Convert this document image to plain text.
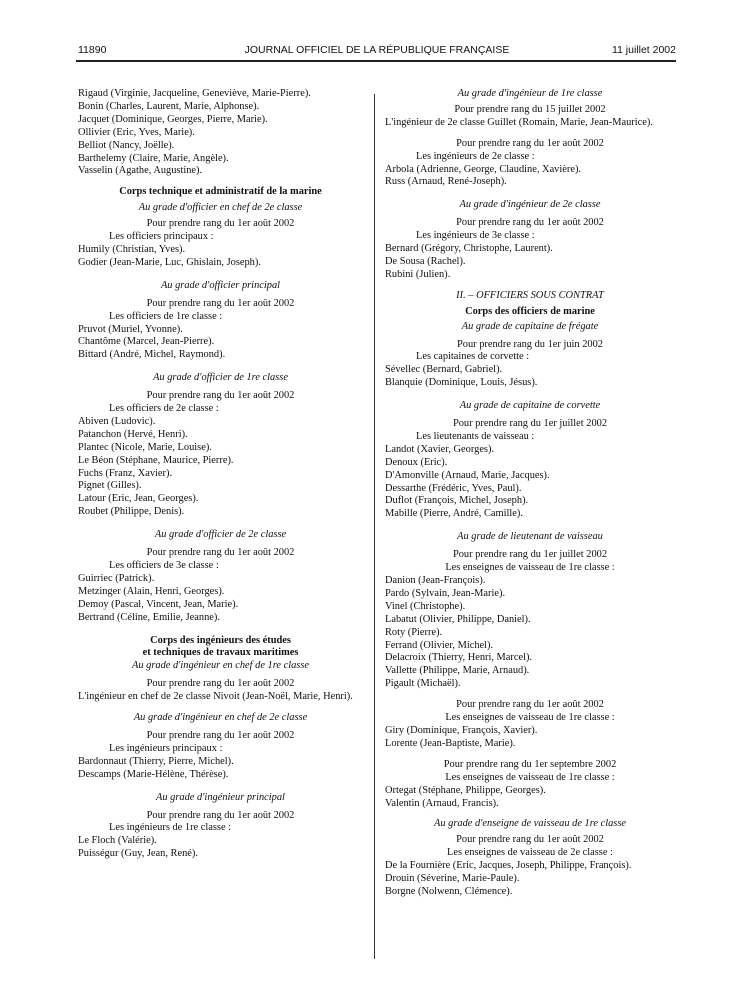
11890	JOURNAL OFFICIEL DE LA RÉPUBLIQUE FRANÇAISE	11 juillet 2002
Rigaud (Virginie, Jacqueline, Geneviève, Marie-Pierre).
Bonin (Charles, Laurent, Marie, Alphonse).
Jacquet (Dominique, Georges, Pierre, Marie).
Ollivier (Eric, Yves, Marie).
Belliot (Nancy, Joëlle).
Barthelemy (Claire, Marie, Angèle).
Vasselin (Agathe, Augustine).
Corps technique et administratif de la marine
Au grade d'officier en chef de 2e classe
Pour prendre rang du 1er août 2002
Les officiers principaux :
Humily (Christian, Yves).
Godier (Jean-Marie, Luc, Ghislain, Joseph).
Au grade d'officier principal
Pour prendre rang du 1er août 2002
Les officiers de 1re classe :
Pruvot (Muriel, Yvonne).
Chantôme (Marcel, Jean-Pierre).
Bittard (André, Michel, Raymond).
Au grade d'officier de 1re classe
Pour prendre rang du 1er août 2002
Les officiers de 2e classe :
Abiven (Ludovic).
Patanchon (Hervé, Henri).
Plantec (Nicole, Marie, Louise).
Le Béon (Stéphane, Maurice, Pierre).
Fuchs (Franz, Xavier).
Pignet (Gilles).
Latour (Eric, Jean, Georges).
Roubet (Philippe, Denis).
Au grade d'officier de 2e classe
Pour prendre rang du 1er août 2002
Les officiers de 3e classe :
Guirriec (Patrick).
Metzinger (Alain, Henri, Georges).
Demoy (Pascal, Vincent, Jean, Marie).
Bertrand (Céline, Emilie, Jeanne).
Corps des ingénieurs des études
et techniques de travaux maritimes
Au grade d'ingénieur en chef de 1re classe
Pour prendre rang du 1er août 2002
L'ingénieur en chef de 2e classe Nivoit (Jean-Noël, Marie, Henri).
Au grade d'ingénieur en chef de 2e classe
Pour prendre rang du 1er août 2002
Les ingénieurs principaux :
Bardonnaut (Thierry, Pierre, Michel).
Descamps (Marie-Hélène, Thérèse).
Au grade d'ingénieur principal
Pour prendre rang du 1er août 2002
Les ingénieurs de 1re classe :
Le Floch (Valérie).
Puisségur (Guy, Jean, René).
Au grade d'ingénieur de 1re classe
Pour prendre rang du 15 juillet 2002
L'ingénieur de 2e classe Guillet (Romain, Marie, Jean-Maurice).
Pour prendre rang du 1er août 2002
Les ingénieurs de 2e classe :
Arbola (Adrienne, George, Claudine, Xavière).
Russ (Arnaud, René-Joseph).
Au grade d'ingénieur de 2e classe
Pour prendre rang du 1er août 2002
Les ingénieurs de 3e classe :
Bernard (Grégory, Christophe, Laurent).
De Sousa (Rachel).
Rubini (Julien).
II. – OFFICIERS SOUS CONTRAT
Corps des officiers de marine
Au grade de capitaine de frégate
Pour prendre rang du 1er juin 2002
Les capitaines de corvette :
Sévellec (Bernard, Gabriel).
Blanquie (Dominique, Louis, Jésus).
Au grade de capitaine de corvette
Pour prendre rang du 1er juillet 2002
Les lieutenants de vaisseau :
Landot (Xavier, Georges).
Denoux (Eric).
D'Amonville (Arnaud, Marie, Jacques).
Dessarthe (Frédéric, Yves, Paul).
Duflot (François, Michel, Joseph).
Mabille (Pierre, André, Camille).
Au grade de lieutenant de vaisseau
Pour prendre rang du 1er juillet 2002
Les enseignes de vaisseau de 1re classe :
Danion (Jean-François).
Pardo (Sylvain, Jean-Marie).
Vinel (Christophe).
Labatut (Olivier, Philippe, Daniel).
Roty (Pierre).
Ferrand (Olivier, Michel).
Delacroix (Thierry, Henri, Marcel).
Vallette (Philippe, Marie, Arnaud).
Pigault (Michaël).
Pour prendre rang du 1er août 2002
Les enseignes de vaisseau de 1re classe :
Giry (Dominique, François, Xavier).
Lorente (Jean-Baptiste, Marie).
Pour prendre rang du 1er septembre 2002
Les enseignes de vaisseau de 1re classe :
Ortegat (Stéphane, Philippe, Georges).
Valentin (Arnaud, Francis).
Au grade d'enseigne de vaisseau de 1re classe
Pour prendre rang du 1er août 2002
Les enseignes de vaisseau de 2e classe :
De la Fournière (Eric, Jacques, Joseph, Philippe, François).
Drouin (Séverine, Marie-Paule).
Borgne (Nolwenn, Clémence).
